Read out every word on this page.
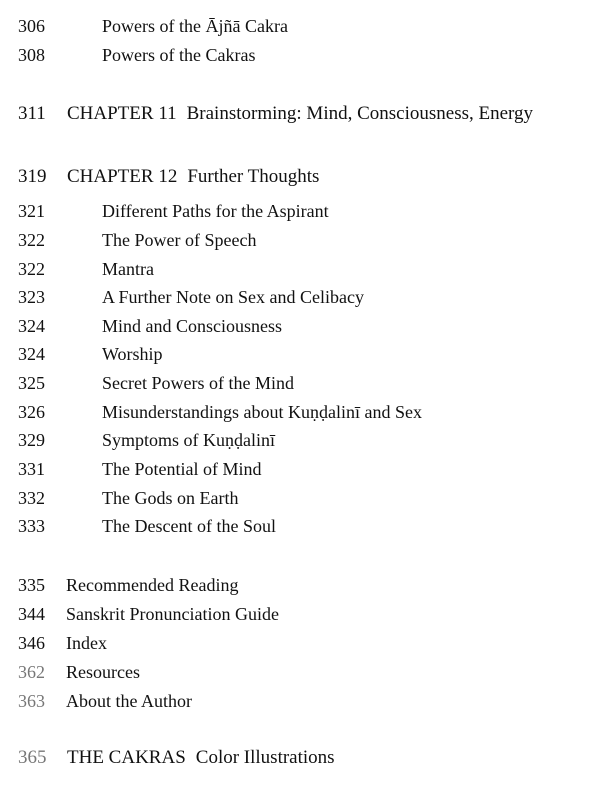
306	Powers of the Ājñā Cakra
308	Powers of the Cakras
311 CHAPTER 11 Brainstorming: Mind, Consciousness, Energy
319 CHAPTER 12 Further Thoughts
321	Different Paths for the Aspirant
322	The Power of Speech
322	Mantra
323	A Further Note on Sex and Celibacy
324	Mind and Consciousness
324	Worship
325	Secret Powers of the Mind
326	Misunderstandings about Kuṇḍalinī and Sex
329	Symptoms of Kuṇḍalinī
331	The Potential of Mind
332	The Gods on Earth
333	The Descent of the Soul
335 Recommended Reading
344 Sanskrit Pronunciation Guide
346 Index
362 Resources
363 About the Author
365 THE CAKRAS Color Illustrations
